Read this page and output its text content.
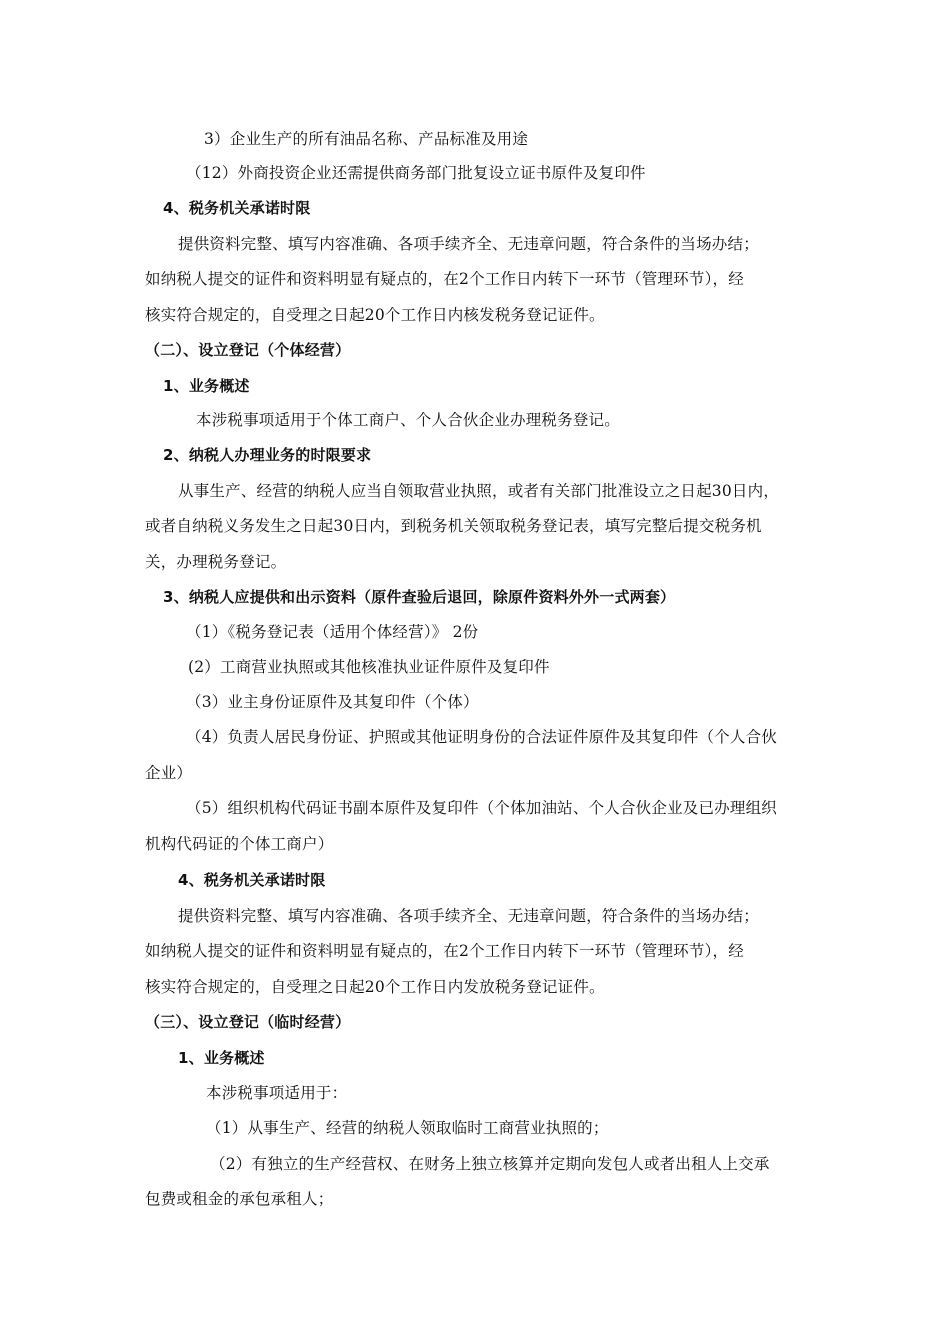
3）企业生产的所有油品名称、产品标准及用途
（12）外商投资企业还需提供商务部门批复设立证书原件及复印件
4、税务机关承诺时限
提供资料完整、填写内容准确、各项手续齐全、无违章问题，符合条件的当场办结；
如纳税人提交的证件和资料明显有疑点的，在2个工作日内转下一环节（管理环节），经
核实符合规定的，自受理之日起20个工作日内核发税务登记证件。
（二）、设立登记（个体经营）
1、业务概述
本涉税事项适用于个体工商户、个人合伙企业办理税务登记。
2、纳税人办理业务的时限要求
从事生产、经营的纳税人应当自领取营业执照，或者有关部门批准设立之日起30日内，
或者自纳税义务发生之日起30日内，到税务机关领取税务登记表，填写完整后提交税务机
关，办理税务登记。
3、纳税人应提供和出示资料（原件查验后退回，除原件资料外外一式两套）
（1）《税务登记表（适用个体经营）》 2份
(2）工商营业执照或其他核准执业证件原件及复印件
（3）业主身份证原件及其复印件（个体）
（4）负责人居民身份证、护照或其他证明身份的合法证件原件及其复印件（个人合伙
企业）
（5）组织机构代码证书副本原件及复印件（个体加油站、个人合伙企业及已办理组织
机构代码证的个体工商户）
4、税务机关承诺时限
提供资料完整、填写内容准确、各项手续齐全、无违章问题，符合条件的当场办结；
如纳税人提交的证件和资料明显有疑点的，在2个工作日内转下一环节（管理环节），经
核实符合规定的，自受理之日起20个工作日内发放税务登记证件。
（三）、设立登记（临时经营）
1、业务概述
本涉税事项适用于：
（1）从事生产、经营的纳税人领取临时工商营业执照的；
（2）有独立的生产经营权、在财务上独立核算并定期向发包人或者出租人上交承
包费或租金的承包承租人；
